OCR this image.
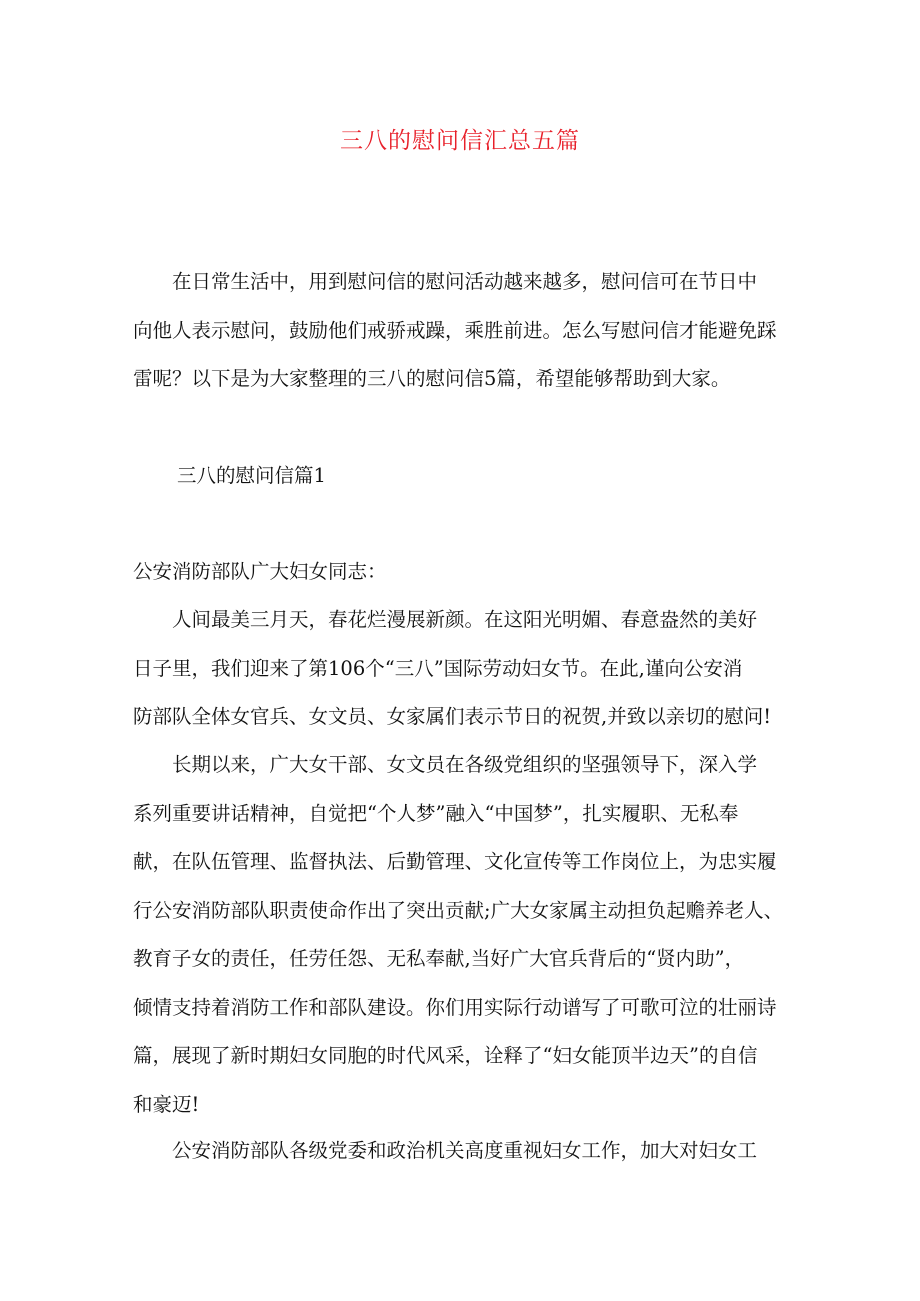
三八的慰问信汇总五篇

在日常生活中，用到慰问信的慰问活动越来越多，慰问信可在节日中
向他人表示慰问，鼓励他们戒骄戒躁，乘胜前进。怎么写慰问信才能避免踩
雷呢？以下是为大家整理的三八的慰问信5篇，希望能够帮助到大家。

三八的慰问信篇1

公安消防部队广大妇女同志：

人间最美三月天，春花烂漫展新颜。在这阳光明媚、春意盎然的美好
日子里，我们迎来了第106个“三八”国际劳动妇女节。在此,谨向公安消
防部队全体女官兵、女文员、女家属们表示节日的祝贺,并致以亲切的慰问!

长期以来，广大女干部、女文员在各级党组织的坚强领导下，深入学
系列重要讲话精神，自觉把“个人梦”融入“中国梦”，扎实履职、无私奉
献，在队伍管理、监督执法、后勤管理、文化宣传等工作岗位上，为忠实履
行公安消防部队职责使命作出了突出贡献;广大女家属主动担负起赡养老人、
教育子女的责任，任劳任怨、无私奉献,当好广大官兵背后的“贤内助”，
倾情支持着消防工作和部队建设。你们用实际行动谱写了可歌可泣的壮丽诗
篇，展现了新时期妇女同胞的时代风采，诠释了“妇女能顶半边天”的自信
和豪迈!

公安消防部队各级党委和政治机关高度重视妇女工作，加大对妇女工
